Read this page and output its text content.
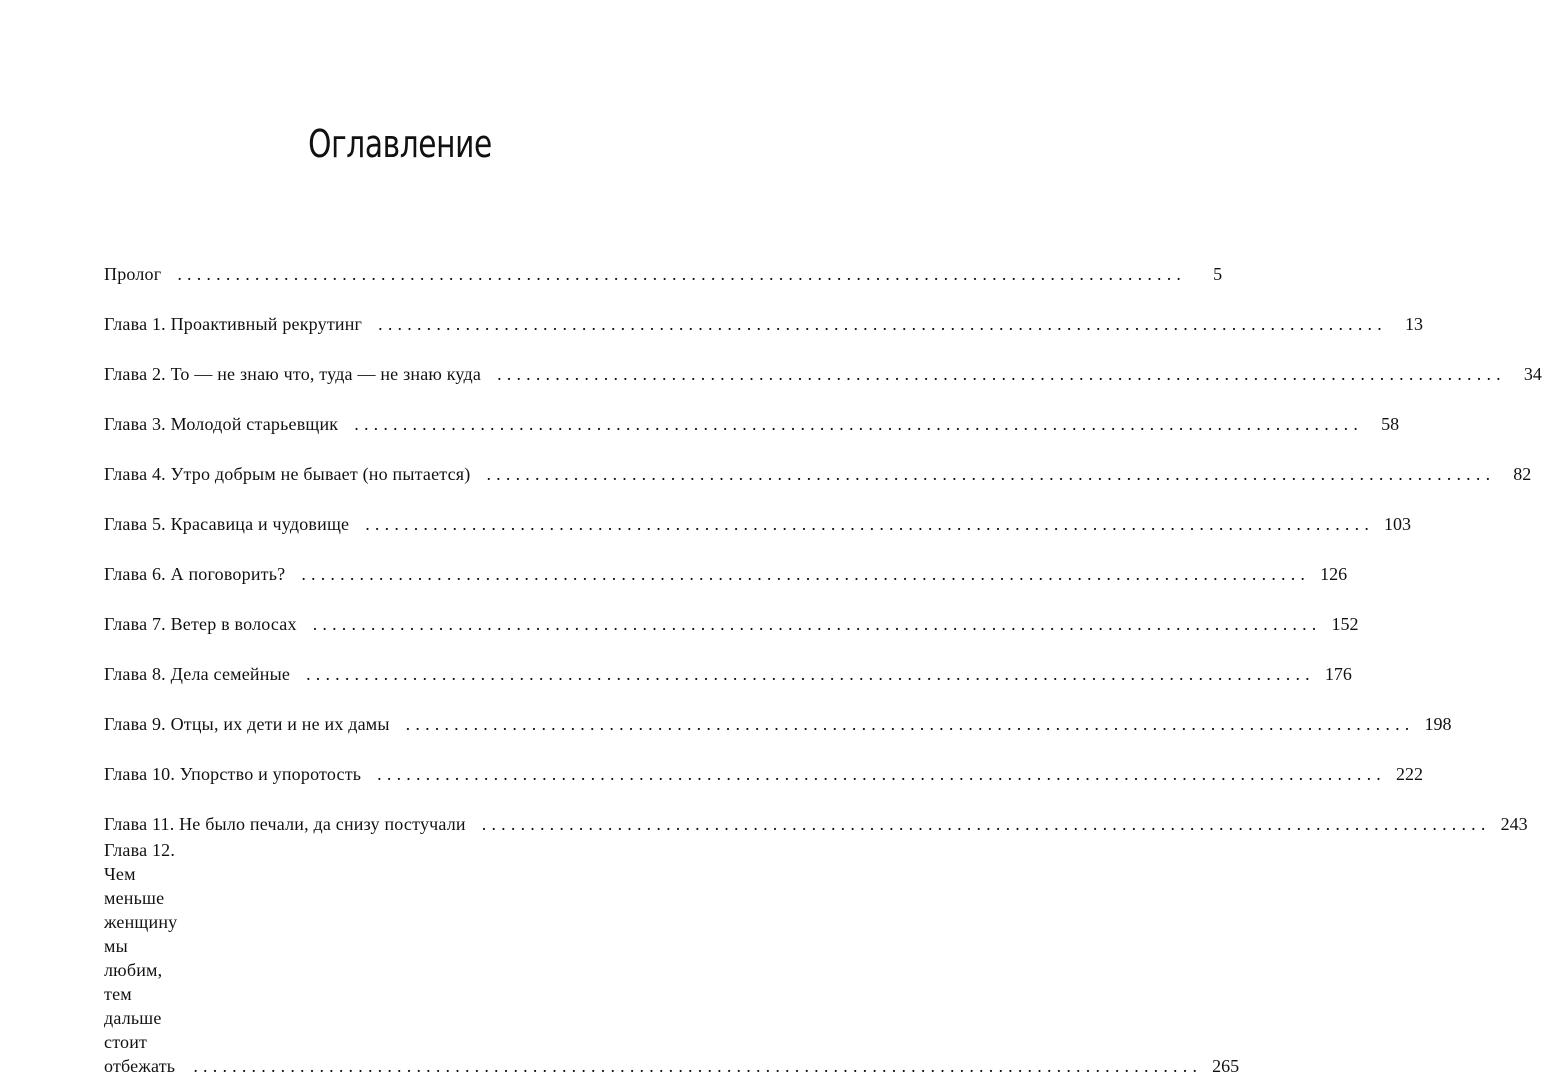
Оглавление
Пролог ........................................................................................................	5
Глава 1. Проактивный рекрутинг ........................................................................................................	13
Глава 2. То — не знаю что, туда — не знаю куда ........................................................................................................	34
Глава 3. Молодой старьевщик ........................................................................................................	58
Глава 4. Утро добрым не бывает (но пытается) ........................................................................................................	82
Глава 5. Красавица и чудовище ........................................................................................................ 103
Глава 6. А поговорить? ........................................................................................................ 126
Глава 7. Ветер в волосах ........................................................................................................ 152
Глава 8. Дела семейные ........................................................................................................ 176
Глава 9. Отцы, их дети и не их дамы ........................................................................................................ 198
Глава 10. Упорство и упоротость ........................................................................................................ 222
Глава 11. Не было печали, да снизу постучали ........................................................................................................ 243
Глава 12. Чем меньше женщину мы любим,
тем дальше стоит отбежать ........................................................................................................ 265
